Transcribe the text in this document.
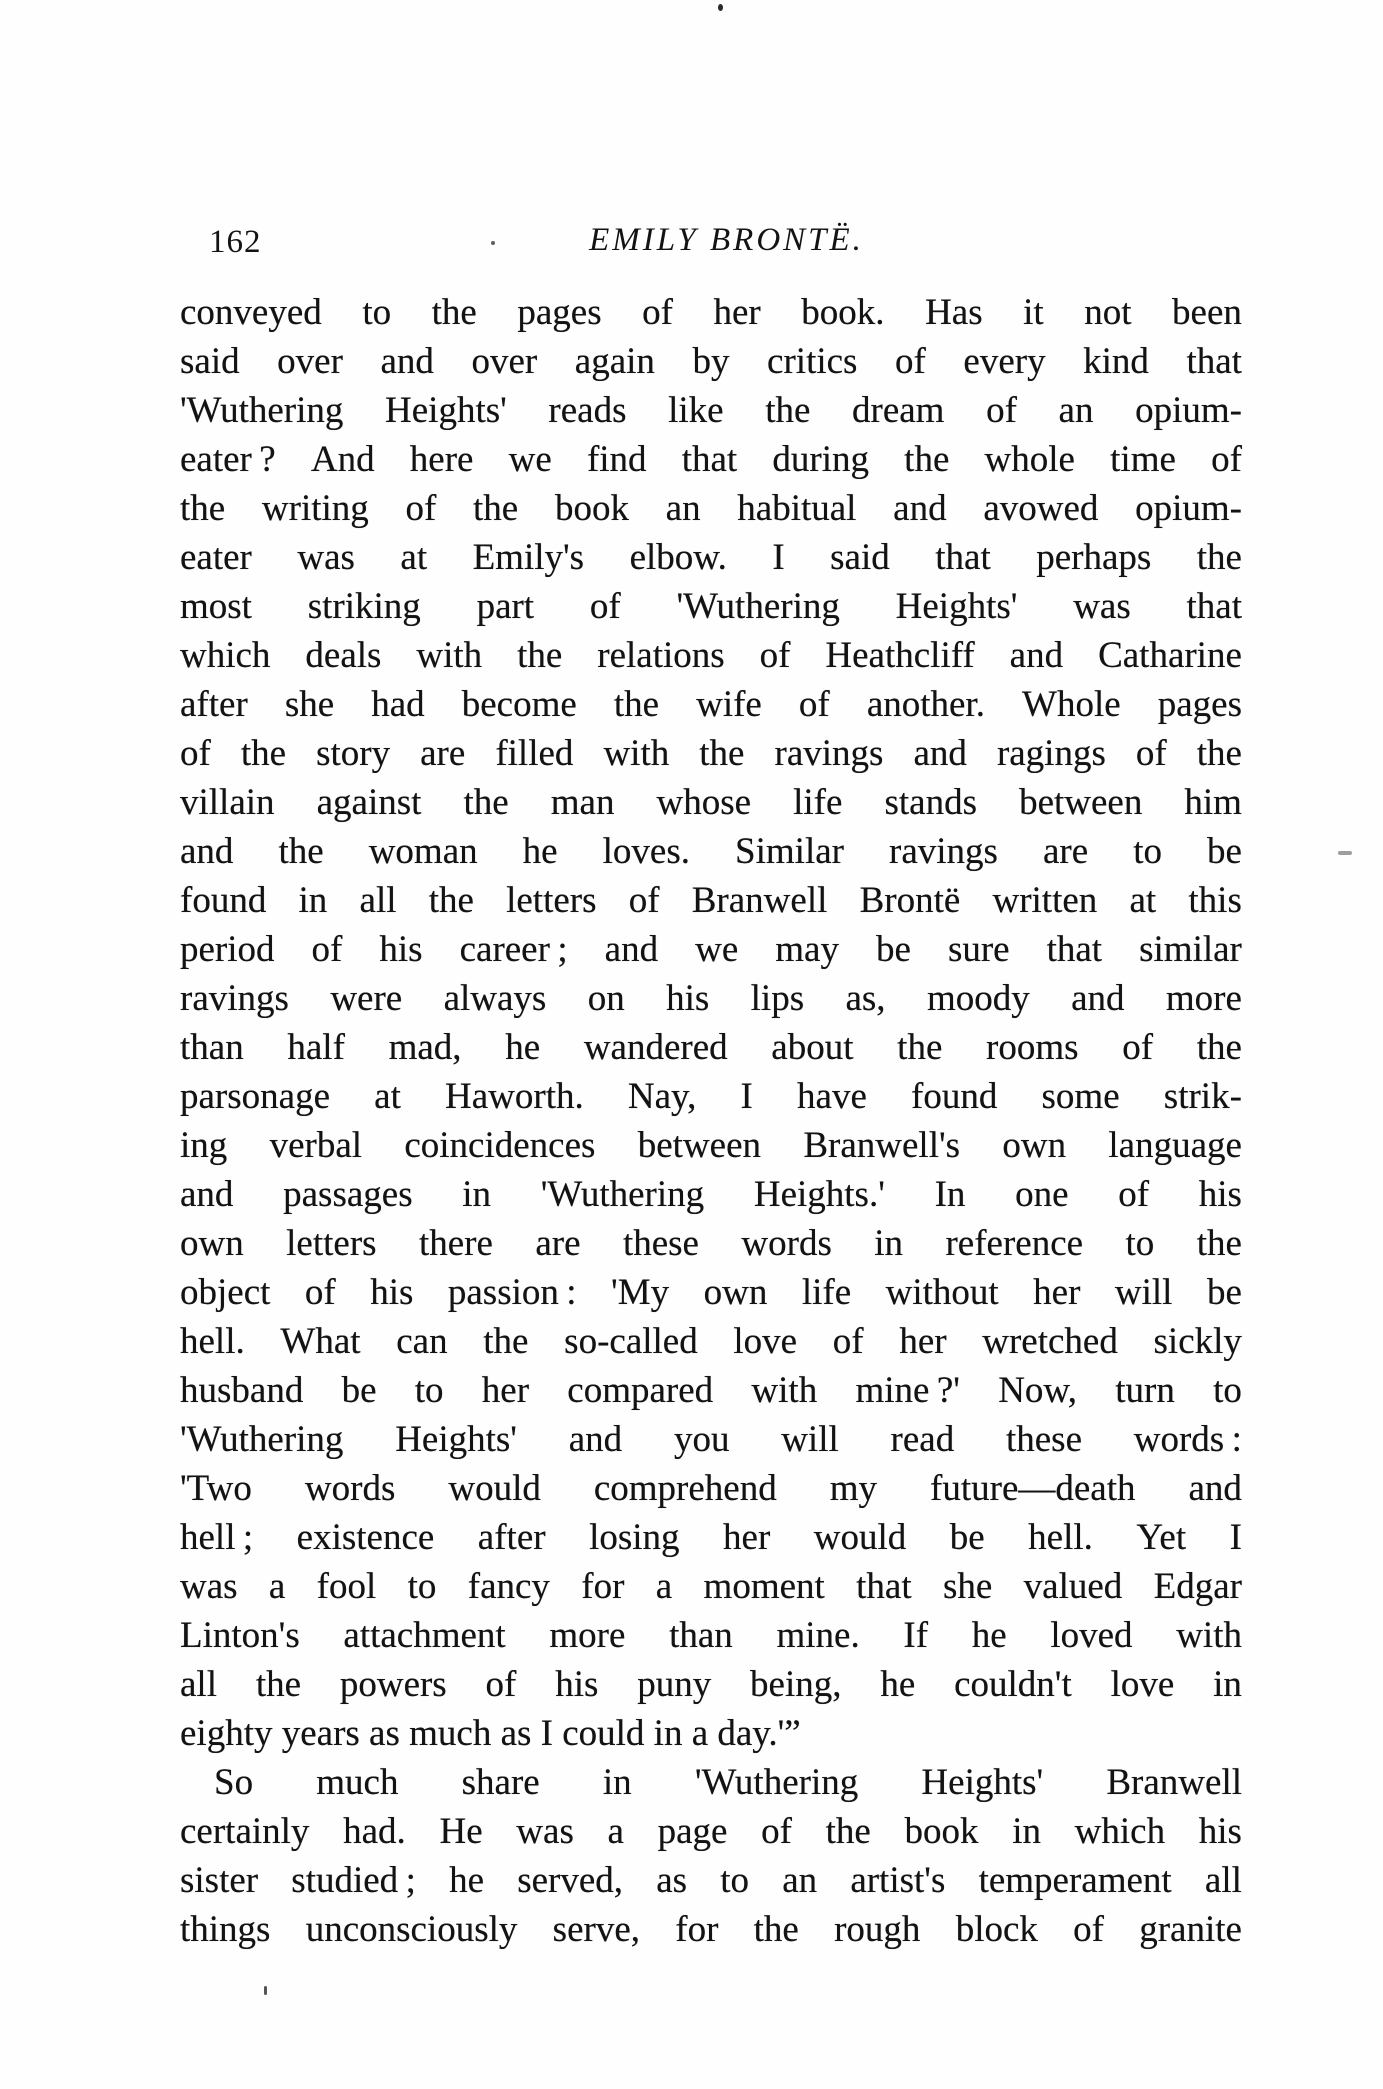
162	EMILY BRONTË.
conveyed to the pages of her book. Has it not been
said over and over again by critics of every kind that
'Wuthering Heights' reads like the dream of an opium-
eater ? And here we find that during the whole time of
the writing of the book an habitual and avowed opium-
eater was at Emily's elbow. I said that perhaps the
most striking part of 'Wuthering Heights' was that
which deals with the relations of Heathcliff and Catharine
after she had become the wife of another. Whole pages
of the story are filled with the ravings and ragings of the
villain against the man whose life stands between him
and the woman he loves. Similar ravings are to be
found in all the letters of Branwell Brontë written at this
period of his career ; and we may be sure that similar
ravings were always on his lips as, moody and more
than half mad, he wandered about the rooms of the
parsonage at Haworth. Nay, I have found some strik-
ing verbal coincidences between Branwell's own language
and passages in 'Wuthering Heights.' In one of his
own letters there are these words in reference to the
object of his passion : 'My own life without her will be
hell. What can the so-called love of her wretched sickly
husband be to her compared with mine ?' Now, turn to
'Wuthering Heights' and you will read these words :
'Two words would comprehend my future—death and
hell ; existence after losing her would be hell. Yet I
was a fool to fancy for a moment that she valued Edgar
Linton's attachment more than mine. If he loved with
all the powers of his puny being, he couldn't love in
eighty years as much as I could in a day.'”
So much share in 'Wuthering Heights' Branwell
certainly had. He was a page of the book in which his
sister studied ; he served, as to an artist's temperament all
things unconsciously serve, for the rough block of granite
